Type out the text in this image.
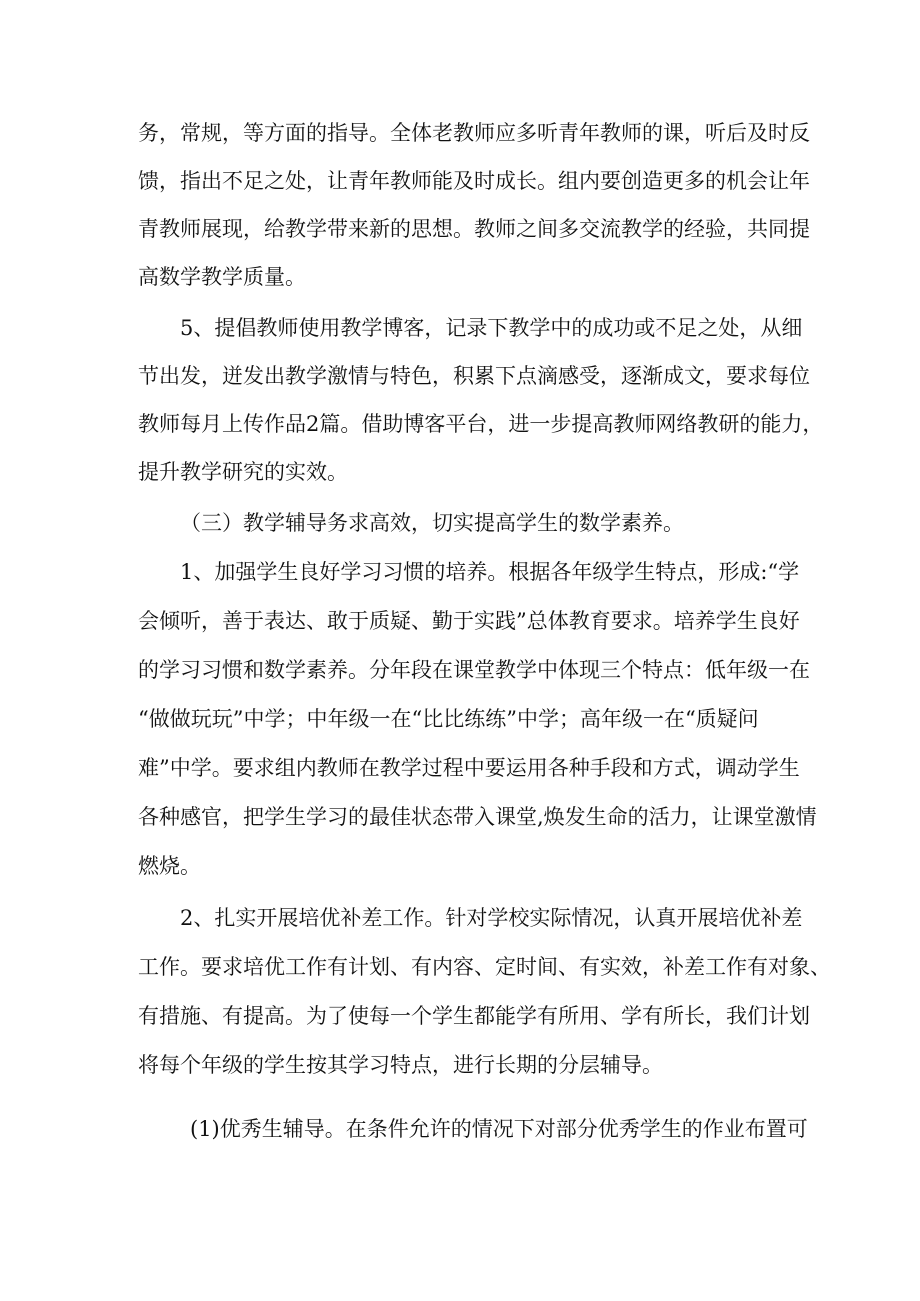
务，常规，等方面的指导。全体老教师应多听青年教师的课，听后及时反
馈，指出不足之处，让青年教师能及时成长。组内要创造更多的机会让年
青教师展现，给教学带来新的思想。教师之间多交流教学的经验，共同提
高数学教学质量。
5、提倡教师使用教学博客，记录下教学中的成功或不足之处，从细
节出发，迸发出教学激情与特色，积累下点滴感受，逐渐成文，要求每位
教师每月上传作品2篇。借助博客平台，进一步提高教师网络教研的能力，
提升教学研究的实效。
（三）教学辅导务求高效，切实提高学生的数学素养。
1、加强学生良好学习习惯的培养。根据各年级学生特点，形成:“学
会倾听，善于表达、敢于质疑、勤于实践”总体教育要求。培养学生良好
的学习习惯和数学素养。分年段在课堂教学中体现三个特点：低年级一在
“做做玩玩”中学；中年级一在“比比练练”中学；高年级一在“质疑问
难”中学。要求组内教师在教学过程中要运用各种手段和方式，调动学生
各种感官，把学生学习的最佳状态带入课堂,焕发生命的活力，让课堂激情
燃烧。
2、扎实开展培优补差工作。针对学校实际情况，认真开展培优补差
工作。要求培优工作有计划、有内容、定时间、有实效，补差工作有对象、
有措施、有提高。为了使每一个学生都能学有所用、学有所长，我们计划
将每个年级的学生按其学习特点，进行长期的分层辅导。
(1)优秀生辅导。在条件允许的情况下对部分优秀学生的作业布置可
